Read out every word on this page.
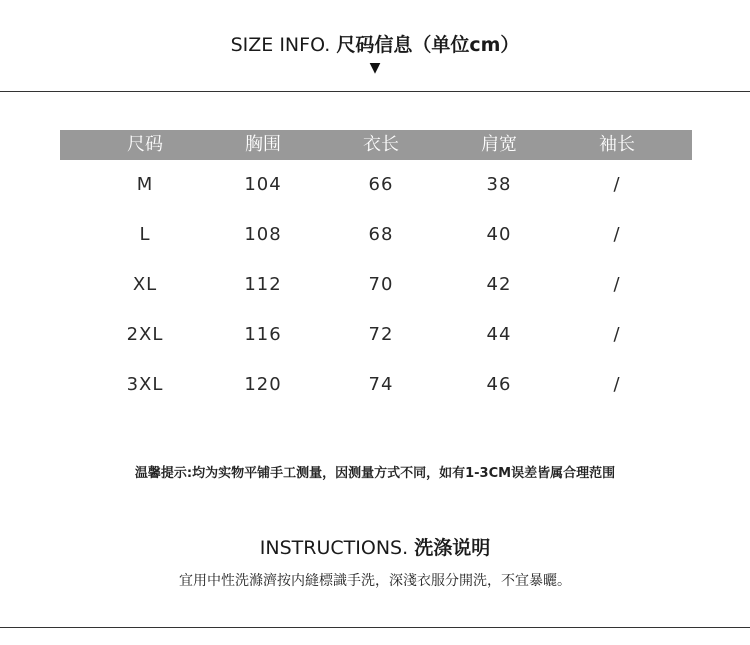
SIZE INFO. 尺码信息（单位cm）
▼
尺码	胸围	衣长	肩宽	袖长
M	104	66	38	/
L	108	68	40	/
XL	112	70	42	/
2XL	116	72	44	/
3XL	120	74	46	/
温馨提示:均为实物平铺手工测量，因测量方式不同，如有1-3CM误差皆属合理范围
INSTRUCTIONS. 洗涤说明
宜用中性洗滌濟按内縫標識手洗，深淺衣服分開洗，不宜暴曬。
